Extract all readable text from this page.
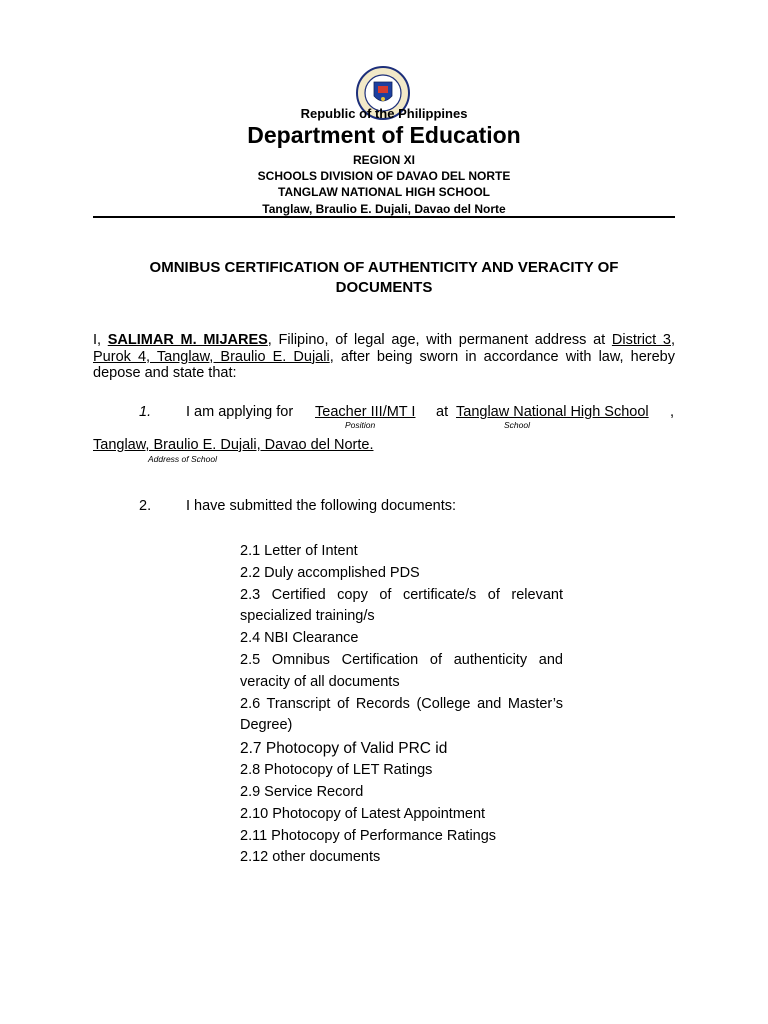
Republic of the Philippines
Department of Education
REGION XI
SCHOOLS DIVISION OF DAVAO DEL NORTE
TANGLAW NATIONAL HIGH SCHOOL
Tanglaw, Braulio E. Dujali, Davao del Norte
OMNIBUS CERTIFICATION OF AUTHENTICITY AND VERACITY OF
DOCUMENTS
I, SALIMAR M. MIJARES, Filipino, of legal age, with permanent address at District 3, Purok 4, Tanglaw, Braulio E. Dujali, after being sworn in accordance with law, hereby depose and state that:
1. I am applying for Teacher III/MT I at Tanglaw National High School ,
Position	School
Tanglaw, Braulio E. Dujali, Davao del Norte.
Address of School
2. I have submitted the following documents:
2.1 Letter of Intent
2.2 Duly accomplished PDS
2.3 Certified copy of certificate/s of relevant specialized training/s
2.4 NBI Clearance
2.5 Omnibus Certification of authenticity and veracity of all documents
2.6 Transcript of Records (College and Master’s Degree)
2.7 Photocopy of Valid PRC id
2.8 Photocopy of LET Ratings
2.9 Service Record
2.10 Photocopy of Latest Appointment
2.11 Photocopy of Performance Ratings
2.12 other documents
